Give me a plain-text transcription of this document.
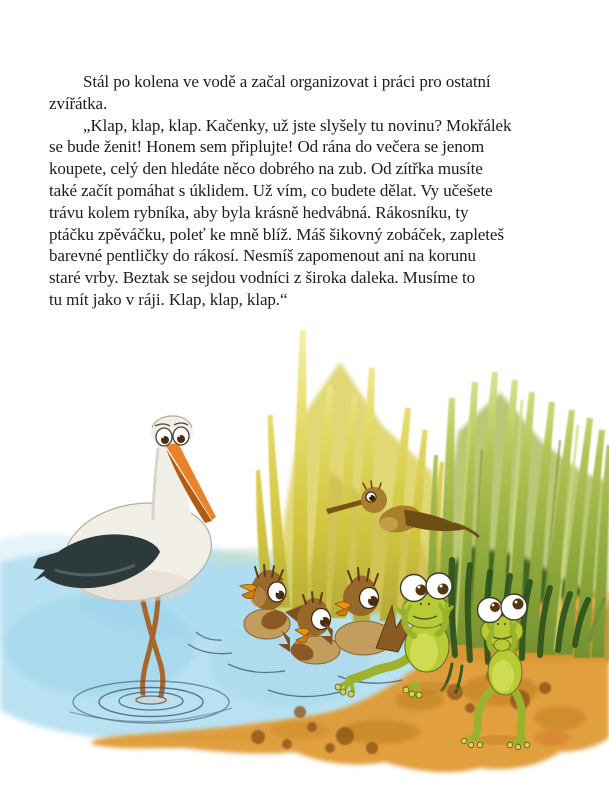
Stál po kolena ve vodě a začal organizovat i práci pro ostatní
zvířátka.
„Klap, klap, klap. Kačenky, už jste slyšely tu novinu? Mokřálek
se bude ženit! Honem sem připlujte! Od rána do večera se jenom
koupete, celý den hledáte něco dobrého na zub. Od zítřka musíte
také začít pomáhat s úklidem. Už vím, co budete dělat. Vy učešete
trávu kolem rybníka, aby byla krásně hedvábná. Rákosníku, ty
ptáčku zpěváčku, poleť ke mně blíž. Máš šikovný zobáček, zapleteš
barevné pentličky do rákosí. Nesmíš zapomenout ani na korunu
staré vrby. Beztak se sejdou vodníci z široka daleka. Musíme to
tu mít jako v ráji. Klap, klap, klap.“
